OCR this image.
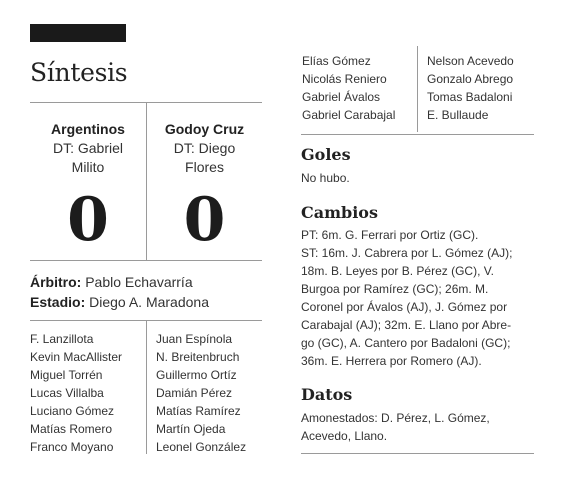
Síntesis
Argentinos
DT: Gabriel
Milito
Godoy Cruz
DT: Diego
Flores
0	0
Árbitro: Pablo Echavarría
Estadio: Diego A. Maradona
F. Lanzillota
Kevin MacAllister
Miguel Torrén
Lucas Villalba
Luciano Gómez
Matías Romero
Franco Moyano
Juan Espínola
N. Breitenbruch
Guillermo Ortíz
Damián Pérez
Matías Ramírez
Martín Ojeda
Leonel González
Elías Gómez
Nicolás Reniero
Gabriel Ávalos
Gabriel Carabajal
Nelson Acevedo
Gonzalo Abrego
Tomas Badaloni
E. Bullaude
Goles
No hubo.
Cambios
PT: 6m. G. Ferrari por Ortiz (GC).
ST: 16m. J. Cabrera por L. Gómez (AJ);
18m. B. Leyes por B. Pérez (GC), V.
Burgoa por Ramírez (GC); 26m. M.
Coronel por Ávalos (AJ), J. Gómez por
Carabajal (AJ); 32m. E. Llano por Abre-
go (GC), A. Cantero por Badaloni (GC);
36m. E. Herrera por Romero (AJ).
Datos
Amonestados: D. Pérez, L. Gómez,
Acevedo, Llano.
